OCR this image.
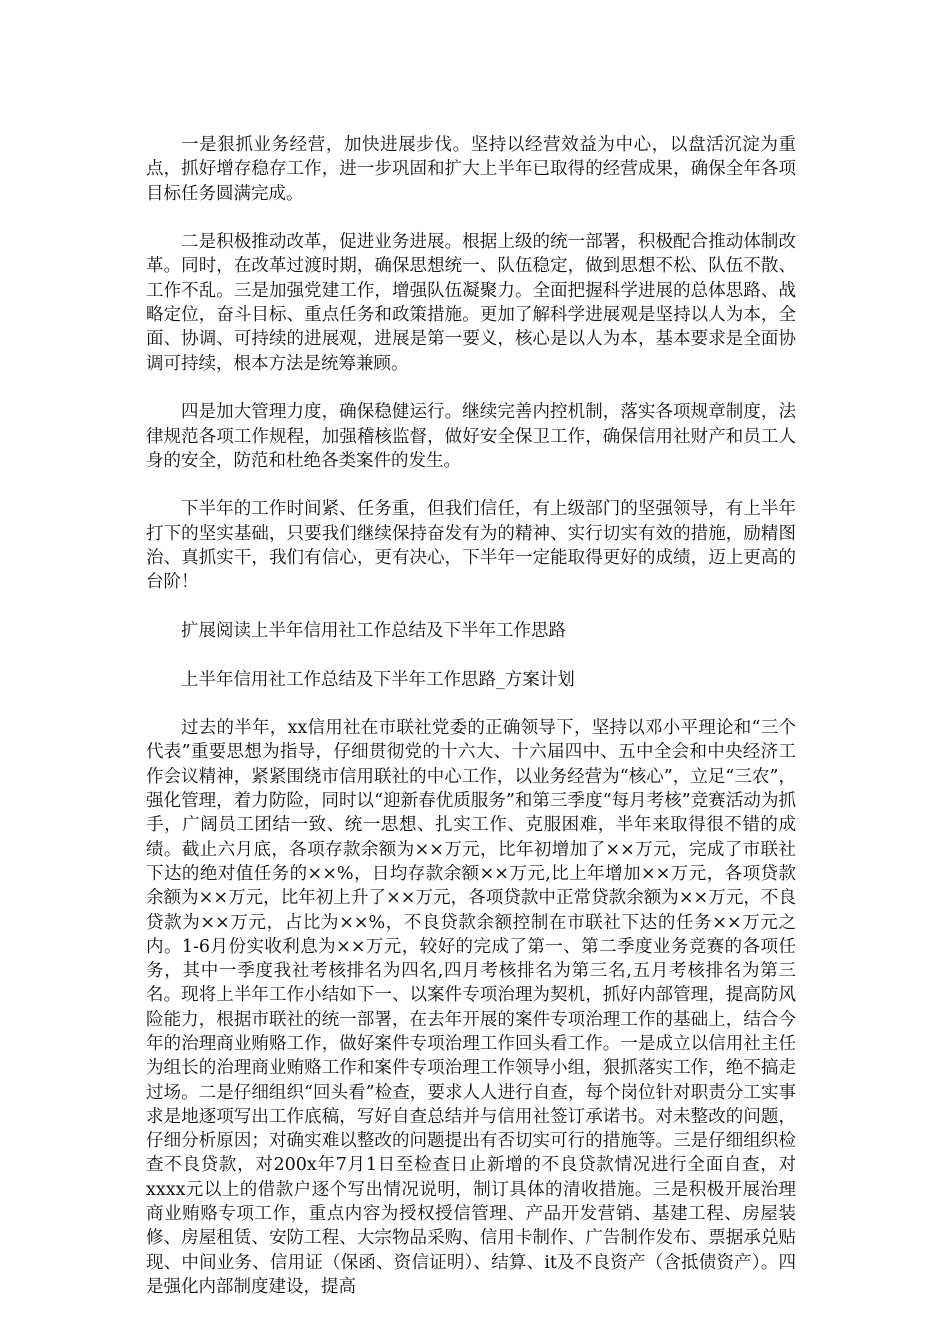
一是狠抓业务经营，加快进展步伐。坚持以经营效益为中心，以盘活沉淀为重点，抓好增存稳存工作，进一步巩固和扩大上半年已取得的经营成果，确保全年各项目标任务圆满完成。

二是积极推动改革，促进业务进展。根据上级的统一部署，积极配合推动体制改革。同时，在改革过渡时期，确保思想统一、队伍稳定，做到思想不松、队伍不散、工作不乱。三是加强党建工作，增强队伍凝聚力。全面把握科学进展的总体思路、战略定位，奋斗目标、重点任务和政策措施。更加了解科学进展观是坚持以人为本，全面、协调、可持续的进展观，进展是第一要义，核心是以人为本，基本要求是全面协调可持续，根本方法是统筹兼顾。

四是加大管理力度，确保稳健运行。继续完善内控机制，落实各项规章制度，法律规范各项工作规程，加强稽核监督，做好安全保卫工作，确保信用社财产和员工人身的安全，防范和杜绝各类案件的发生。

下半年的工作时间紧、任务重，但我们信任，有上级部门的坚强领导，有上半年打下的坚实基础，只要我们继续保持奋发有为的精神、实行切实有效的措施，励精图治、真抓实干，我们有信心，更有决心，下半年一定能取得更好的成绩，迈上更高的台阶！

扩展阅读上半年信用社工作总结及下半年工作思路

上半年信用社工作总结及下半年工作思路_方案计划

过去的半年，xx信用社在市联社党委的正确领导下，坚持以邓小平理论和“三个代表”重要思想为指导，仔细贯彻党的十六大、十六届四中、五中全会和中央经济工作会议精神，紧紧围绕市信用联社的中心工作，以业务经营为“核心”，立足“三农”，强化管理，着力防险，同时以“迎新春优质服务”和第三季度“每月考核”竞赛活动为抓手，广阔员工团结一致、统一思想、扎实工作、克服困难，半年来取得很不错的成绩。截止六月底，各项存款余额为××万元，比年初增加了××万元，完成了市联社下达的绝对值任务的××%，日均存款余额××万元,比上年增加××万元，各项贷款余额为××万元，比年初上升了××万元，各项贷款中正常贷款余额为××万元，不良贷款为××万元，占比为××%，不良贷款余额控制在市联社下达的任务××万元之内。1-6月份实收利息为××万元，较好的完成了第一、第二季度业务竞赛的各项任务，其中一季度我社考核排名为四名,四月考核排名为第三名,五月考核排名为第三名。现将上半年工作小结如下一、以案件专项治理为契机，抓好内部管理，提高防风险能力，根据市联社的统一部署，在去年开展的案件专项治理工作的基础上，结合今年的治理商业贿赂工作，做好案件专项治理工作回头看工作。一是成立以信用社主任为组长的治理商业贿赂工作和案件专项治理工作领导小组，狠抓落实工作，绝不搞走过场。二是仔细组织“回头看”检查，要求人人进行自查，每个岗位针对职责分工实事求是地逐项写出工作底稿，写好自查总结并与信用社签订承诺书。对未整改的问题，仔细分析原因；对确实难以整改的问题提出有否切实可行的措施等。三是仔细组织检查不良贷款，对200x年7月1日至检查日止新增的不良贷款情况进行全面自查，对xxxx元以上的借款户逐个写出情况说明，制订具体的清收措施。三是积极开展治理商业贿赂专项工作，重点内容为授权授信管理、产品开发营销、基建工程、房屋装修、房屋租赁、安防工程、大宗物品采购、信用卡制作、广告制作发布、票据承兑贴现、中间业务、信用证（保函、资信证明）、结算、it及不良资产（含抵债资产）。四是强化内部制度建设，提高
